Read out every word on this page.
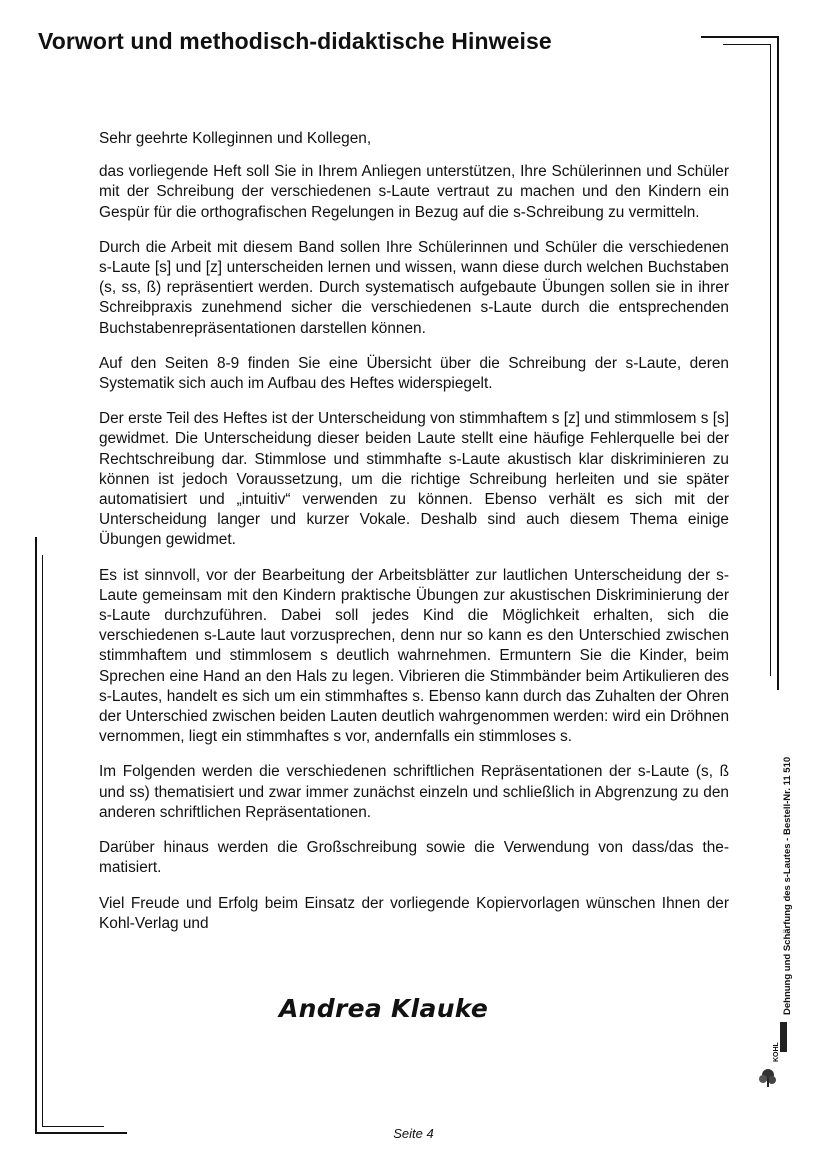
Vorwort und methodisch-didaktische Hinweise

Sehr geehrte Kolleginnen und Kollegen,

das vorliegende Heft soll Sie in Ihrem Anliegen unterstützen, Ihre Schülerinnen und Schüler mit der Schreibung der verschiedenen s-Laute vertraut zu machen und den Kindern ein Gespür für die orthografischen Regelungen in Bezug auf die s-Schreibung zu vermitteln.

Durch die Arbeit mit diesem Band sollen Ihre Schülerinnen und Schüler die verschiedenen s-Laute [s] und [z] unterscheiden lernen und wissen, wann diese durch welchen Buchstaben (s, ss, ß) repräsentiert werden. Durch systematisch aufgebaute Übungen sollen sie in ihrer Schreibpraxis zunehmend sicher die verschiedenen s-Laute durch die entsprechenden Buchstabenrepräsentationen darstellen können.

Auf den Seiten 8-9 finden Sie eine Übersicht über die Schreibung der s-Laute, deren Systematik sich auch im Aufbau des Heftes widerspiegelt.

Der erste Teil des Heftes ist der Unterscheidung von stimmhaftem s [z] und stimmlosem s [s] gewidmet. Die Unterscheidung dieser beiden Laute stellt eine häufige Fehlerquelle bei der Rechtschreibung dar. Stimmlose und stimmhafte s-Laute akustisch klar diskriminieren zu können ist jedoch Voraussetzung, um die richtige Schreibung herleiten und sie später automatisiert und „intuitiv“ verwenden zu können. Ebenso verhält es sich mit der Unterscheidung langer und kurzer Vokale. Deshalb sind auch diesem Thema einige Übungen gewidmet.

Es ist sinnvoll, vor der Bearbeitung der Arbeitsblätter zur lautlichen Unterscheidung der s-Laute gemeinsam mit den Kindern praktische Übungen zur akustischen Diskriminierung der s-Laute durchzuführen. Dabei soll jedes Kind die Möglichkeit erhalten, sich die verschiedenen s-Laute laut vorzusprechen, denn nur so kann es den Unterschied zwischen stimmhaftem und stimmlosem s deutlich wahrnehmen. Ermuntern Sie die Kinder, beim Sprechen eine Hand an den Hals zu legen. Vibrieren die Stimmbänder beim Artikulieren des s-Lautes, handelt es sich um ein stimmhaftes s. Ebenso kann durch das Zuhalten der Ohren der Unterschied zwischen beiden Lauten deutlich wahrgenommen werden: wird ein Dröhnen vernommen, liegt ein stimmhaftes s vor, andernfalls ein stimmloses s.

Im Folgenden werden die verschiedenen schriftlichen Repräsentationen der s-Laute (s, ß und ss) thematisiert und zwar immer zunächst einzeln und schließlich in Abgrenzung zu den anderen schriftlichen Repräsentationen.

Darüber hinaus werden die Großschreibung sowie die Verwendung von dass/das thematisiert.

Viel Freude und Erfolg beim Einsatz der vorliegende Kopiervorlagen wünschen Ihnen der Kohl-Verlag und

Andrea Klauke	Dehnung und Schärfung des s-Lautes - Bestell-Nr. 11 510
KOHL
Seite 4
